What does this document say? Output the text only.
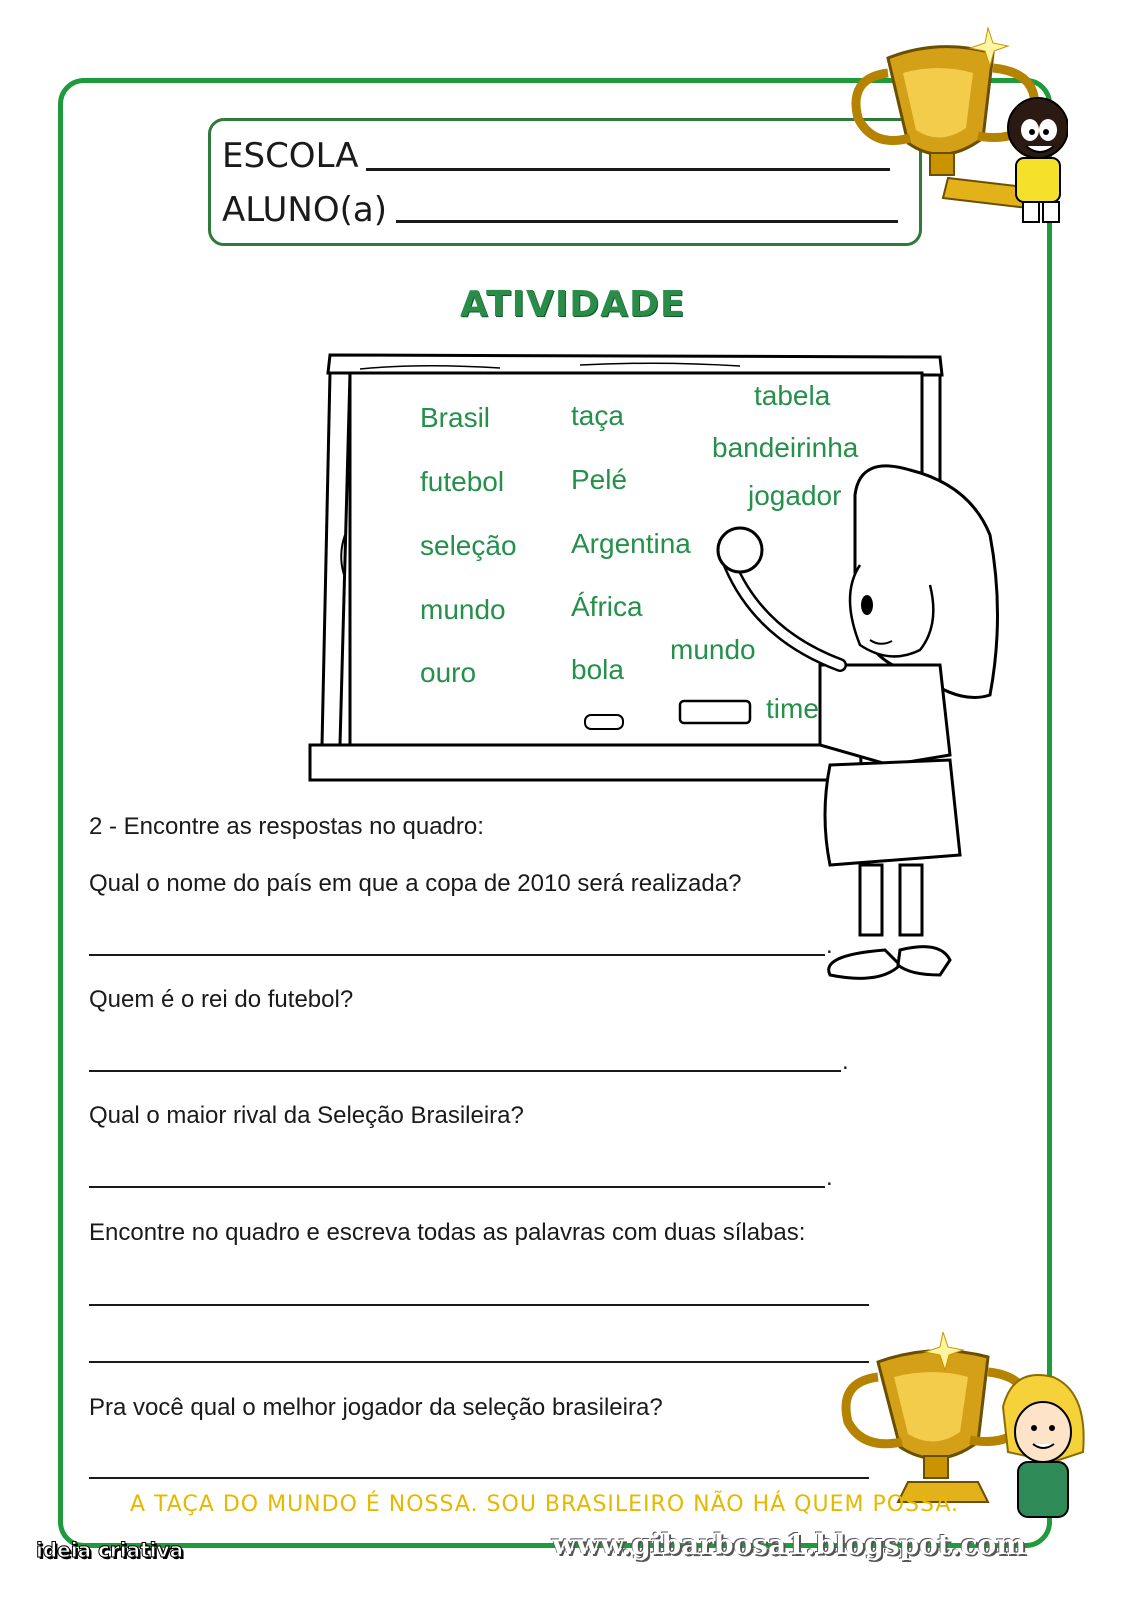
ESCOLA
ALUNO(a)
ATIVIDADE
Brasil	taça
tabela
bandeirinha
futebol Pelé
jogador
seleção Argentina
mundo África
mundo
ouro	bola
time
2 - Encontre as respostas no quadro:
Qual o nome do país em que a copa de 2010 será realizada?
.
Quem é o rei do futebol?
.
Qual o maior rival da Seleção Brasileira?
.
Encontre no quadro e escreva todas as palavras com duas sílabas:
Pra você qual o melhor jogador da seleção brasileira?
A TAÇA DO MUNDO É NOSSA. SOU BRASILEIRO NÃO HÁ QUEM POSSA.
ideia criativa	www.gibarbosa1.blogspot.com
